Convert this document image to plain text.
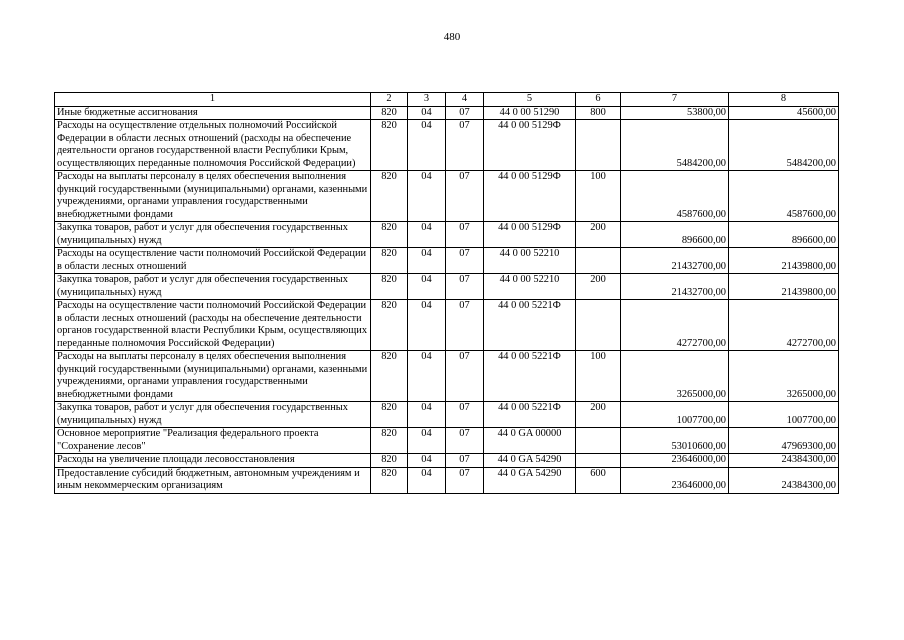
480
1	2	3	4	5	6	7	8
Иные бюджетные ассигнования	820	04	07	44 0 00 51290	800	53800,00	45600,00
Расходы на осуществление отдельных полномочий Российской Федерации в области лесных отношений (расходы на обеспечение деятельности органов государственной власти Республики Крым, осуществляющих переданные полномочия Российской Федерации)	820	04	07	44 0 00 5129Ф		5484200,00	5484200,00
Расходы на выплаты персоналу в целях обеспечения выполнения функций государственными (муниципальными) органами, казенными учреждениями, органами управления государственными внебюджетными фондами	820	04	07	44 0 00 5129Ф	100	4587600,00	4587600,00
Закупка товаров, работ и услуг для обеспечения государственных (муниципальных) нужд	820	04	07	44 0 00 5129Ф	200	896600,00	896600,00
Расходы на осуществление части полномочий Российской Федерации в области лесных отношений	820	04	07	44 0 00 52210		21432700,00	21439800,00
Закупка товаров, работ и услуг для обеспечения государственных (муниципальных) нужд	820	04	07	44 0 00 52210	200	21432700,00	21439800,00
Расходы на осуществление части полномочий Российской Федерации в области лесных отношений (расходы на обеспечение деятельности органов государственной власти Республики Крым, осуществляющих переданные полномочия Российской Федерации)	820	04	07	44 0 00 5221Ф		4272700,00	4272700,00
Расходы на выплаты персоналу в целях обеспечения выполнения функций государственными (муниципальными) органами, казенными учреждениями, органами управления государственными внебюджетными фондами	820	04	07	44 0 00 5221Ф	100	3265000,00	3265000,00
Закупка товаров, работ и услуг для обеспечения государственных (муниципальных) нужд	820	04	07	44 0 00 5221Ф	200	1007700,00	1007700,00
Основное мероприятие "Реализация федерального проекта "Сохранение лесов"	820	04	07	44 0 GA 00000		53010600,00	47969300,00
Расходы на увеличение площади лесовосстановления	820	04	07	44 0 GA 54290		23646000,00	24384300,00
Предоставление субсидий бюджетным, автономным учреждениям и иным некоммерческим организациям	820	04	07	44 0 GA 54290	600	23646000,00	24384300,00
